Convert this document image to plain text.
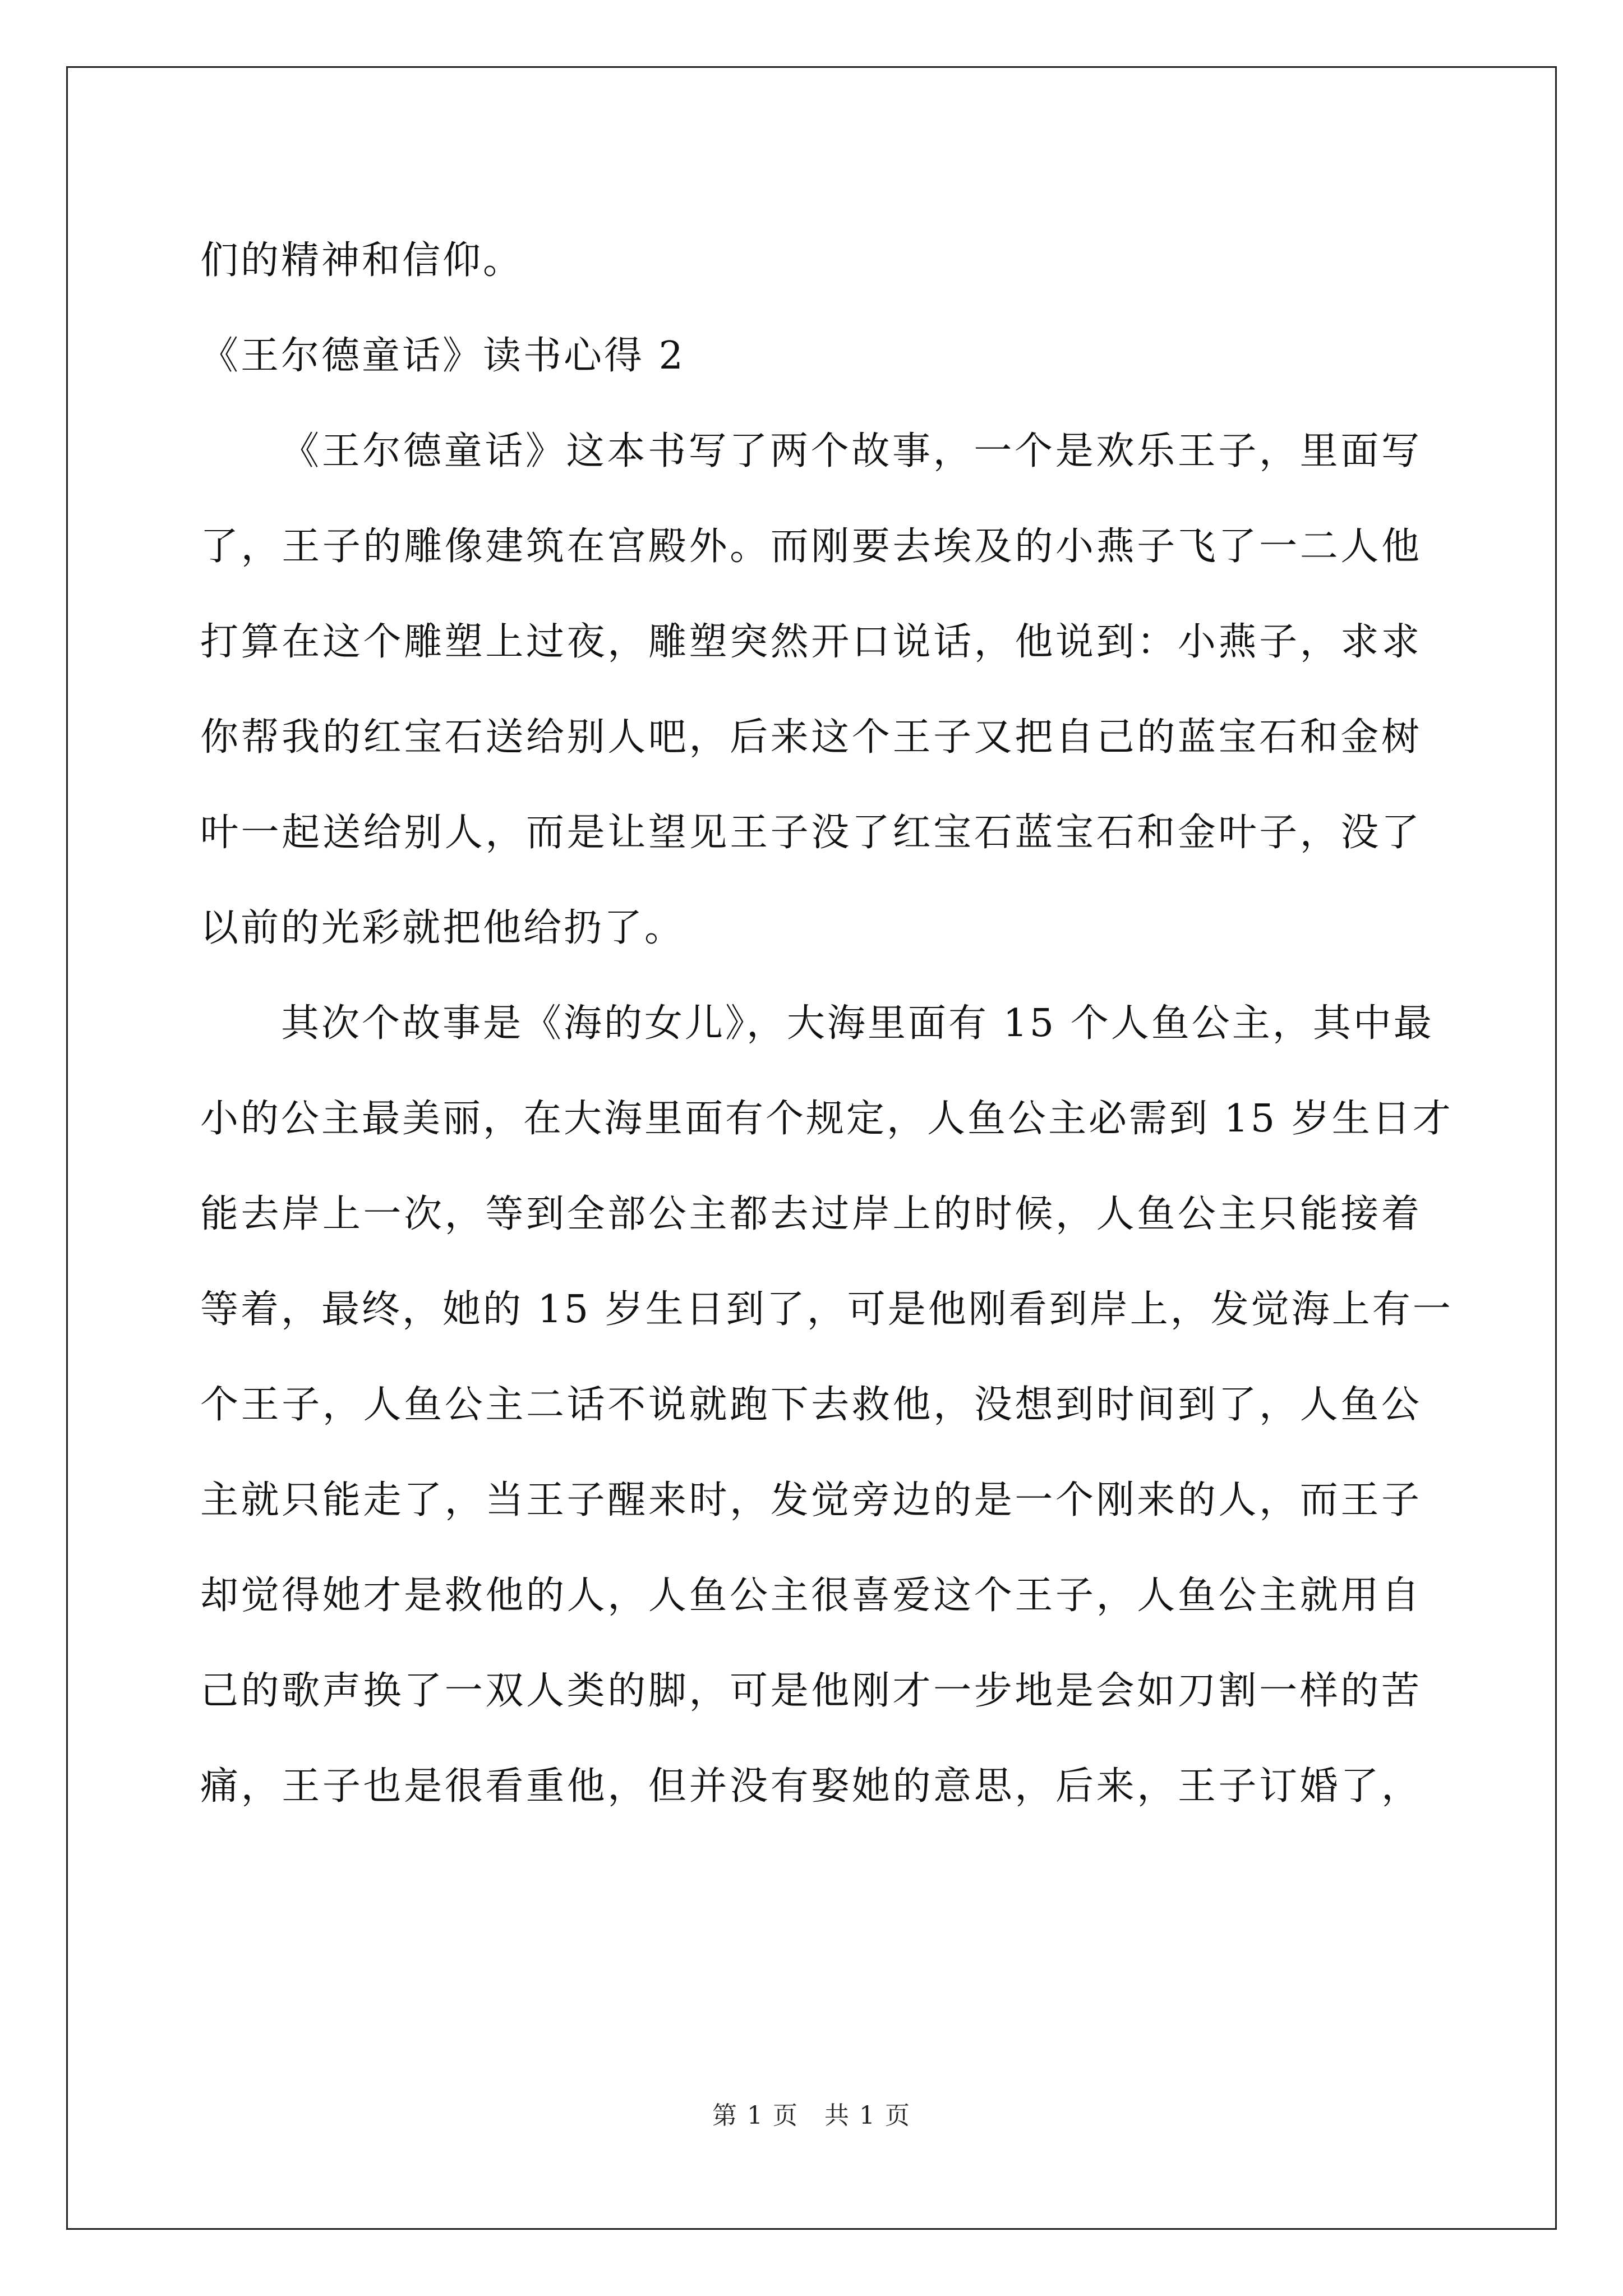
们的精神和信仰。
《王尔德童话》读书心得 2
《王尔德童话》这本书写了两个故事，一个是欢乐王子，里面写
了，王子的雕像建筑在宫殿外。而刚要去埃及的小燕子飞了一二人他
打算在这个雕塑上过夜，雕塑突然开口说话，他说到：小燕子，求求
你帮我的红宝石送给别人吧，后来这个王子又把自己的蓝宝石和金树
叶一起送给别人，而是让望见王子没了红宝石蓝宝石和金叶子，没了
以前的光彩就把他给扔了。
其次个故事是《海的女儿》，大海里面有 15 个人鱼公主，其中最
小的公主最美丽，在大海里面有个规定，人鱼公主必需到 15 岁生日才
能去岸上一次，等到全部公主都去过岸上的时候，人鱼公主只能接着
等着，最终，她的 15 岁生日到了，可是他刚看到岸上，发觉海上有一
个王子，人鱼公主二话不说就跑下去救他，没想到时间到了，人鱼公
主就只能走了，当王子醒来时，发觉旁边的是一个刚来的人，而王子
却觉得她才是救他的人，人鱼公主很喜爱这个王子，人鱼公主就用自
己的歌声换了一双人类的脚，可是他刚才一步地是会如刀割一样的苦
痛，王子也是很看重他，但并没有娶她的意思，后来，王子订婚了，
第 1 页　共 1 页
